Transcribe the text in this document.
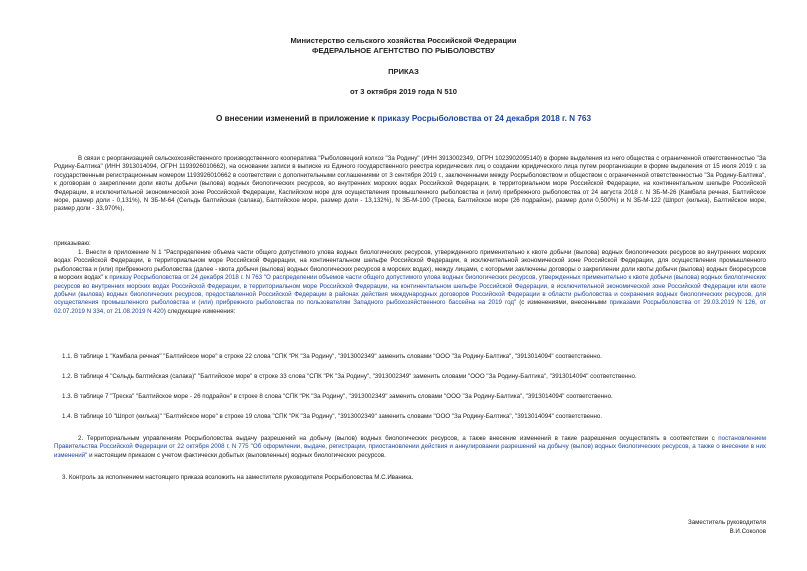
Министерство сельского хозяйства Российской Федерации
ФЕДЕРАЛЬНОЕ АГЕНТСТВО ПО РЫБОЛОВСТВУ
ПРИКАЗ
от 3 октября 2019 года N 510
О внесении изменений в приложение к приказу Росрыболовства от 24 декабря 2018 г. N 763
В связи с реорганизацией сельскохозяйственного производственного кооператива "Рыболовецкий колхоз "За Родину" (ИНН 3913002349, ОГРН 1023902095140) в форме выделения из него общества с ограниченной ответственностью "За Родину-Балтика" (ИНН 3913014094, ОГРН 1193926010662), на основании записи в выписке из Единого государственного реестра юридических лиц о создании юридического лица путем реорганизации в форме выделения от 15 июля 2019 г. за государственным регистрационным номером 1193926010662 в соответствии с дополнительными соглашениями от 3 сентября 2019 г., заключенными между Росрыболовством и обществом с ограниченной ответственностью "За Родину-Балтика", к договорам о закреплении доли квоты добычи (вылова) водных биологических ресурсов, во внутренних морских водах Российской Федерации, в территориальном море Российской Федерации, на континентальном шельфе Российской Федерации, в исключительной экономической зоне Российской Федерации, Каспийском море для осуществления промышленного рыболовства и (или) прибрежного рыболовства от 24 августа 2018 г. N ЗБ-М-26 (Камбала речная, Балтийское море, размер доли - 0,131%), N ЗБ-М-64 (Сельдь балтийская (салака), Балтийское море, размер доли - 13,132%), N ЗБ-М-100 (Треска, Балтийское море (26 подрайон), размер доли 0,500%) и N ЗБ-М-122 (Шпрот (килька), Балтийское море, размер доли - 33,970%),
приказываю:
1. Внести в приложение N 1 "Распределение объема части общего допустимого улова водных биологических ресурсов, утвержденного применительно к квоте добычи (вылова) водных биологических ресурсов во внутренних морских водах Российской Федерации, в территориальном море Российской Федерации, на континентальном шельфе Российской Федерации, в исключительной экономической зоне Российской Федерации, для осуществления промышленного рыболовства и (или) прибрежного рыболовства (далее - квота добычи (вылова) водных биологических ресурсов в морских водах), между лицами, с которыми заключены договоры о закреплении доли квоты добычи (вылова) водных биоресурсов в морских водах" к приказу Росрыболовства от 24 декабря 2018 г. N 763 "О распределении объемов части общего допустимого улова водных биологических ресурсов, утвержденных применительно к квоте добычи (вылова) водных биологических ресурсов во внутренних морских водах Российской Федерации, в территориальном море Российской Федерации, на континентальном шельфе Российской Федерации, в исключительной экономической зоне Российской Федерации или квоте добычи (вылова) водных биологических ресурсов, предоставленной Российской Федерации в районах действия международных договоров Российской Федерации в области рыболовства и сохранения водных биологических ресурсов, для осуществления промышленного рыболовства и (или) прибрежного рыболовства по пользователям Западного рыбохозяйственного бассейна на 2019 год" (с изменениями, внесенными приказами Росрыболовства от 29.03.2019 N 126, от 02.07.2019 N 334, от 21.08.2019 N 420) следующие изменения:
1.1. В таблице 1 "Камбала речная" "Балтийское море" в строке 22 слова "СПК "РК "За Родину", "3913002349" заменить словами "ООО "За Родину-Балтика", "3913014094" соответственно.
1.2. В таблице 4 "Сельдь балтийская (салака)" "Балтийское море" в строке 33 слова "СПК "РК "За Родину", "3913002349" заменить словами "ООО "За Родину-Балтика", "3913014094" соответственно.
1.3. В таблице 7 "Треска" "Балтийское море - 26 подрайон" в строке 8 слова "СПК "РК "За Родину", "3913002349" заменить словами "ООО "За Родину-Балтика", "3913014094" соответственно.
1.4. В таблице 10 "Шпрот (килька)" "Балтийское море" в строке 19 слова "СПК "РК "За Родину", "3913002349" заменить словами "ООО "За Родину-Балтика", "3913014094" соответственно.
2. Территориальным управлениям Росрыболовства выдачу разрешений на добычу (вылов) водных биологических ресурсов, а также внесение изменений в такие разрешения осуществлять в соответствии с постановлением Правительства Российской Федерации от 22 октября 2008 г. N 775 "Об оформлении, выдаче, регистрации, приостановлении действия и аннулировании разрешений на добычу (вылов) водных биологических ресурсов, а также о внесении в них изменений" и настоящим приказом с учетом фактически добытых (выловленных) водных биологических ресурсов.
3. Контроль за исполнением настоящего приказа возложить на заместителя руководителя Росрыболовства М.С.Иваника.
Заместитель руководителя
В.И.Соколов
